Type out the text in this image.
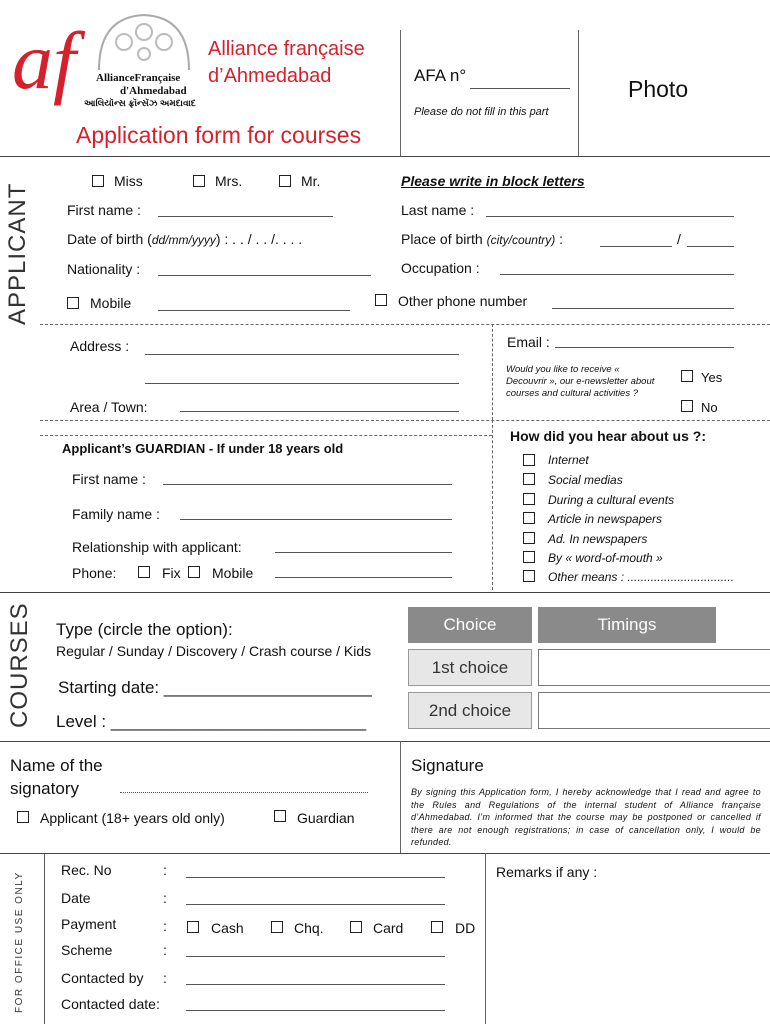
af AllianceFrançaise
d'Ahmedabad
આલિયૉન્સ ફ્રૉન્સૅઝ અમદાવાદ
Alliance française
d’Ahmedabad
Application form for courses
AFA n°
Please do not fill in this part
Photo
APPLICANT
Miss	Mrs.	Mr.	Please write in block letters
First name :	Last name :
Date of birth (dd/mm/yyyy) : . . / . . /. . . .	Place of birth (city/country) :	/
Nationality :	Occupation :
Mobile	Other phone number
Address :
Area / Town:
Email :
Would you like to receive « Decouvrir », our e-newsletter about courses and cultural activities ?
Yes
No
Applicant’s GUARDIAN - If under 18 years old
First name :
Family name :
Relationship with applicant:
Phone:	Fix Mobile
How did you hear about us ?:
Internet
Social medias
During a cultural events
Article in newspapers
Ad. In newspapers
By « word-of-mouth »
Other means : ................................
COURSES Type (circle the option):
Regular / Sunday / Discovery / Crash course / Kids
Starting date: ______________________
Level : ___________________________
Choice	Timings
1st choice
2nd choice
Name of the signatory
Applicant (18+ years old only)	Guardian
Signature
By signing this Application form, I hereby acknowledge that I read and agree to the Rules and Regulations of the internal student of Alliance française d’Ahmedabad. I’m informed that the course may be postponed or cancelled if there are not enough registrations; in case of cancellation only, I would be refunded.
FOR OFFICE USE ONLY
Rec. No	:
Date	:
Payment	:	Cash	Chq.	Card	DD
Scheme	:
Contacted by :
Contacted date:
Remarks if any :
